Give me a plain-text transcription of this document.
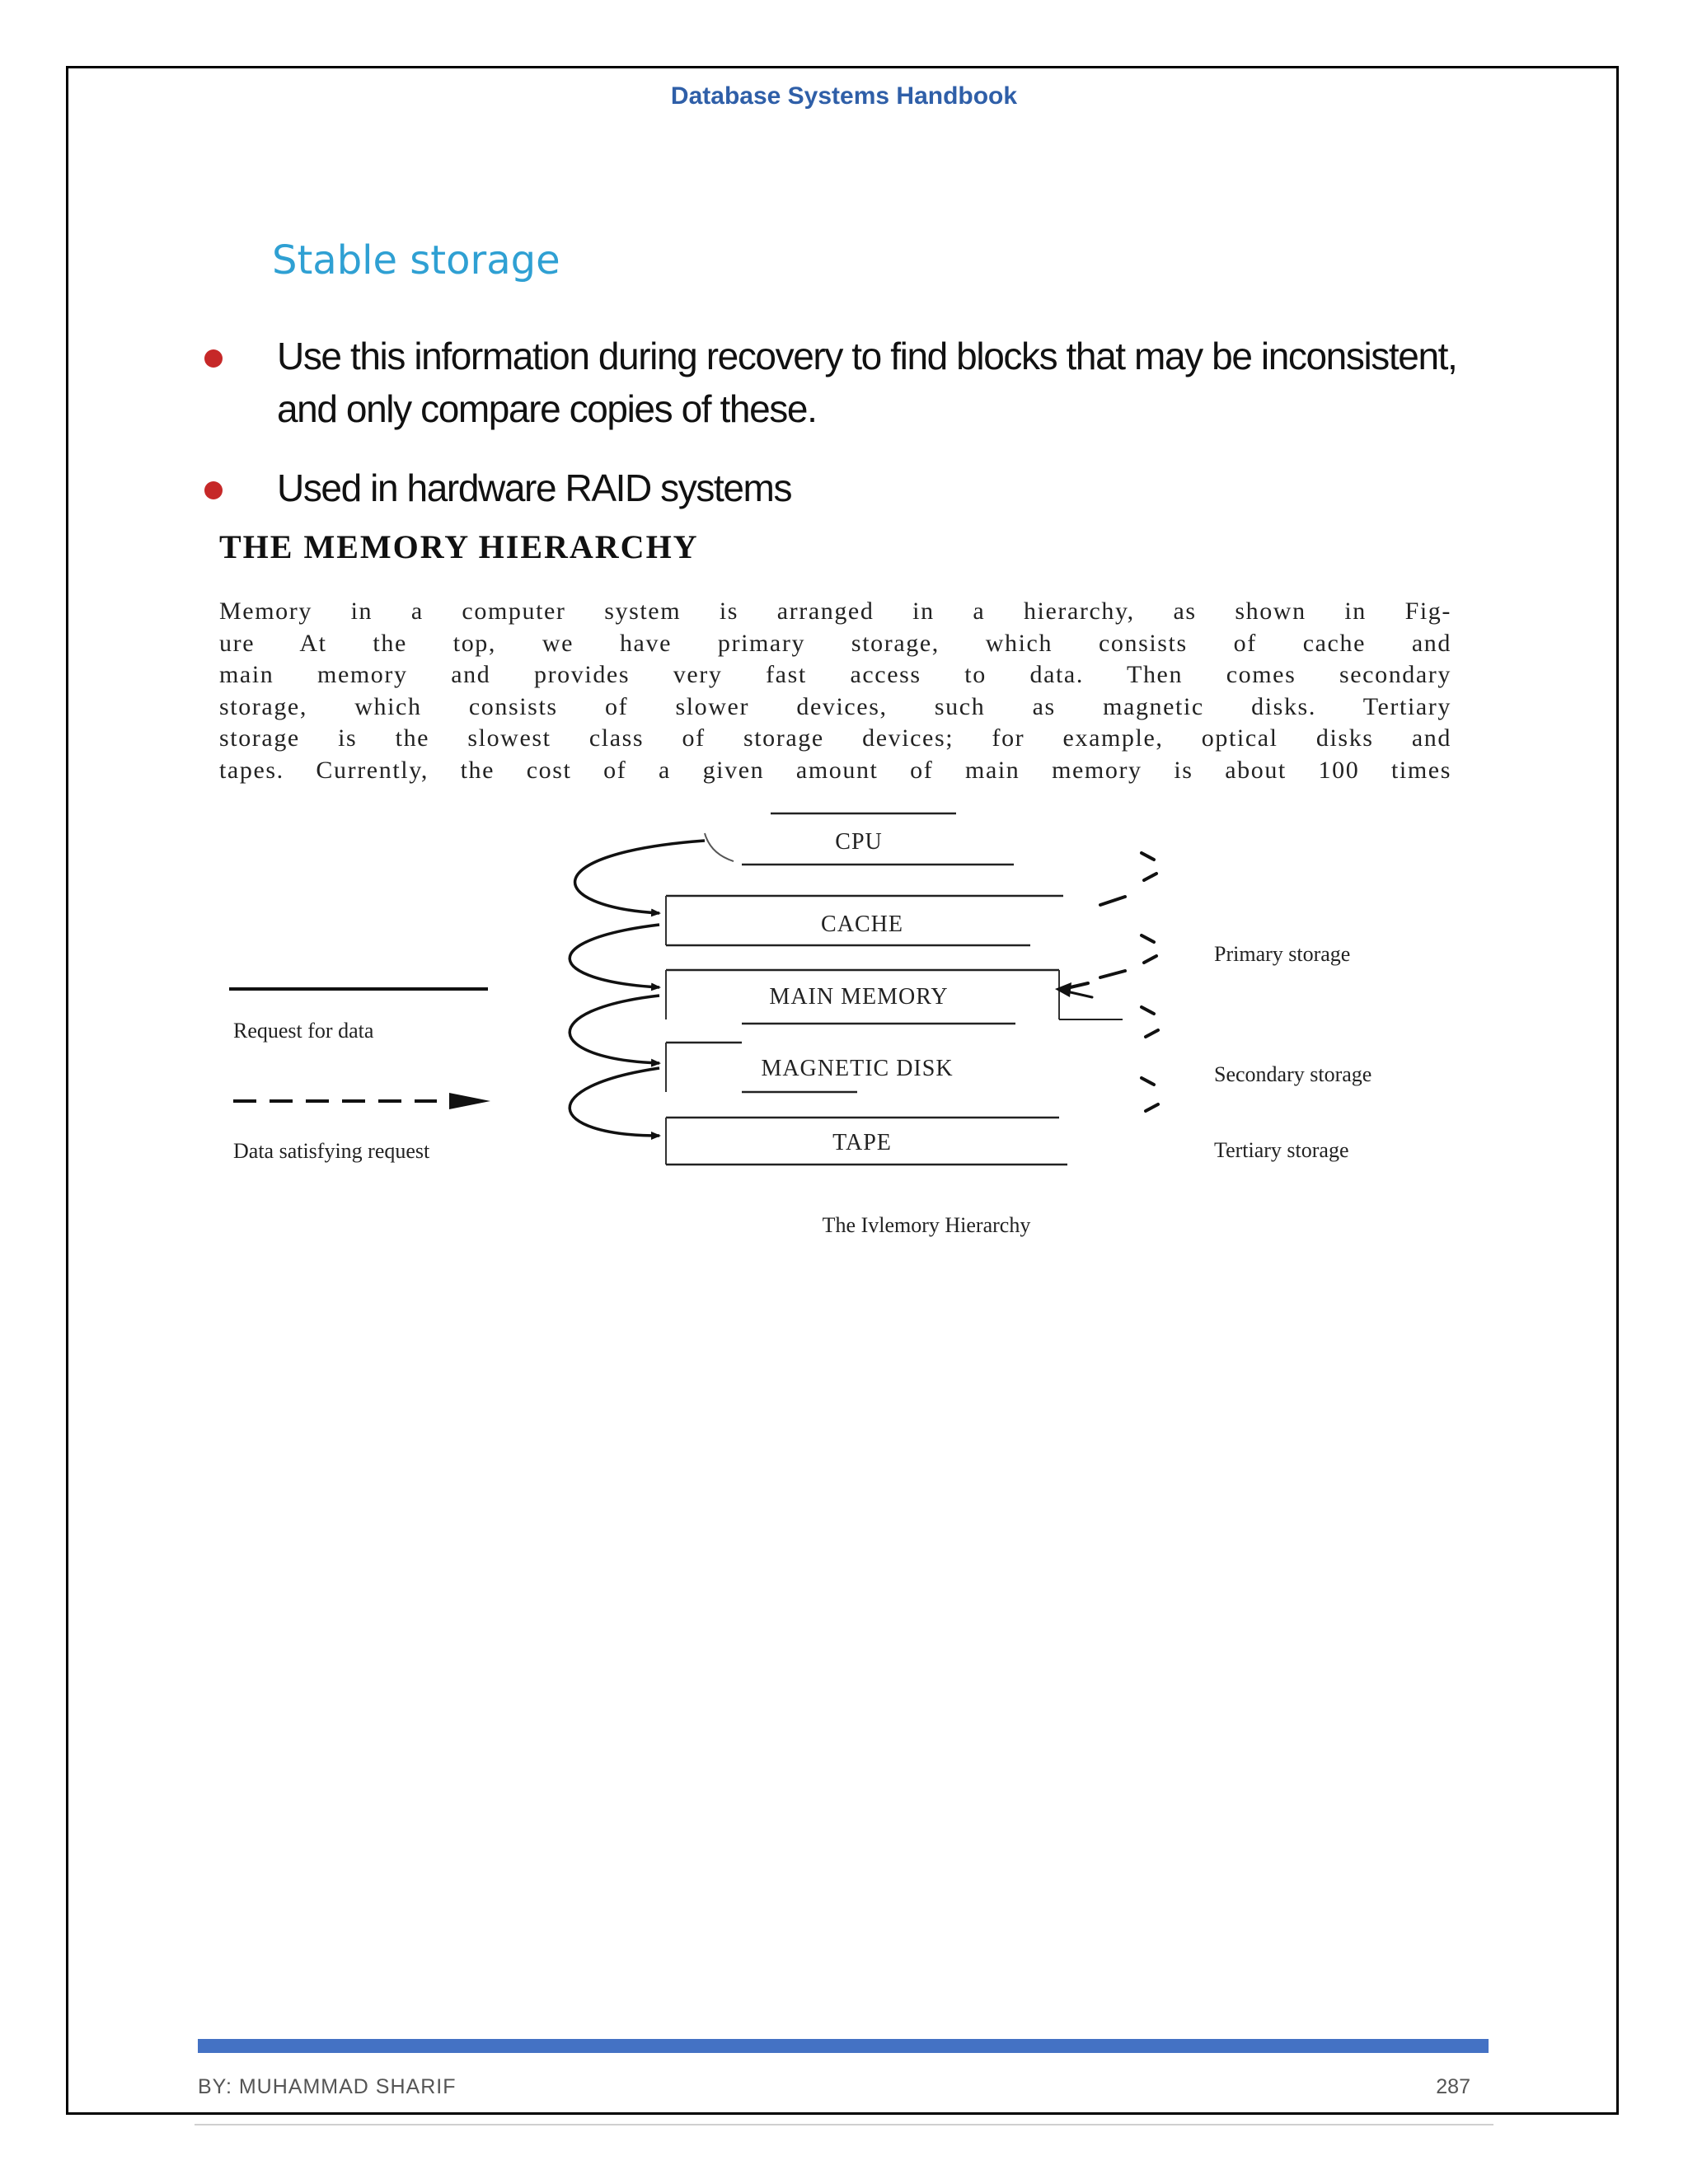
Database Systems Handbook
Stable storage
Use this information during recovery to find blocks that may be inconsistent,
and only compare copies of these.
Used in hardware RAID systems
THE MEMORY HIERARCHY
Memory in a computer system is arranged in a hierarchy, as shown in Fig-
ure At the top, we have primary storage, which consists of cache and
main memory and provides very fast access to data. Then comes secondary
storage, which consists of slower devices, such as magnetic disks. Tertiary
storage is the slowest class of storage devices; for example, optical disks and
tapes. Currently, the cost of a given amount of main memory is about 100 times
CPU
CACHE
MAIN MEMORY
MAGNETIC DISK
TAPE
Request for data
Data satisfying request
Primary storage
Secondary storage
Tertiary storage
The Ivlemory Hierarchy
BY: MUHAMMAD SHARIF	287
